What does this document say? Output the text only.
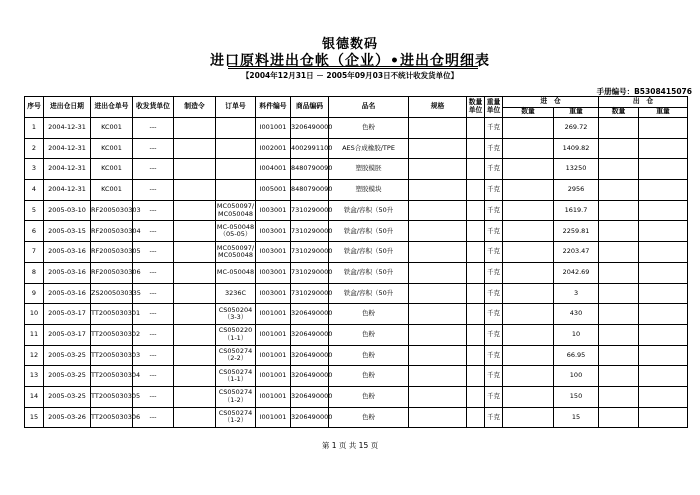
银德数码
进口原料进出仓帐（企业）•进出仓明细表
【2004年12月31日 － 2005年09月03日不统计收发货单位】
手册编号：B5308415076
序号	进出仓日期	进出仓单号	收发货单位	制造令	订单号	料件编号	商品编码	品名	规格	数量单位	重量单位	进　仓		出　仓	
												数量	重量	数量	重量
1	2004-12-31	KC001	---			I001001	3206490000	色粉			千克		269.72		
2	2004-12-31	KC001	---			I002001	4002991100	AES合成橡胶/TPE			千克		1409.82		
3	2004-12-31	KC001	---			I004001	8480790090	塑胶模胚			千克		13250		
4	2004-12-31	KC001	---			I005001	8480790090	塑胶模块			千克		2956		
5	2005-03-10	RF2005030303	---		MC050097/ MC050048	I003001	7310290000	铁盒/容积（50升			千克		1619.7		
6	2005-03-15	RF2005030304	---		MC-050048 （05-05）	I003001	7310290000	铁盒/容积（50升			千克		2259.81		
7	2005-03-16	RF2005030305	---		MC050097/ MC050048	I003001	7310290000	铁盒/容积（50升			千克		2203.47		
8	2005-03-16	RF2005030306	---		MC-050048	I003001	7310290000	铁盒/容积（50升			千克		2042.69		
9	2005-03-16	ZS2005030335	---		3236C	I003001	7310290000	铁盒/容积（50升			千克		3		
10	2005-03-17	TT2005030301	---		CS050204 （3-3）	I001001	3206490000	色粉			千克		430		
11	2005-03-17	TT2005030302	---		CS050220 （1-1）	I001001	3206490000	色粉			千克		10		
12	2005-03-25	TT2005030303	---		CS050274 （2-2）	I001001	3206490000	色粉			千克		66.95		
13	2005-03-25	TT2005030304	---		CS050274 （1-1）	I001001	3206490000	色粉			千克		100		
14	2005-03-25	TT2005030305	---		CS050274 （1-2）	I001001	3206490000	色粉			千克		150		
15	2005-03-26	TT2005030306	---		CS050274 （1-2）	I001001	3206490000	色粉			千克		15		
第 1 页 共 15 页
